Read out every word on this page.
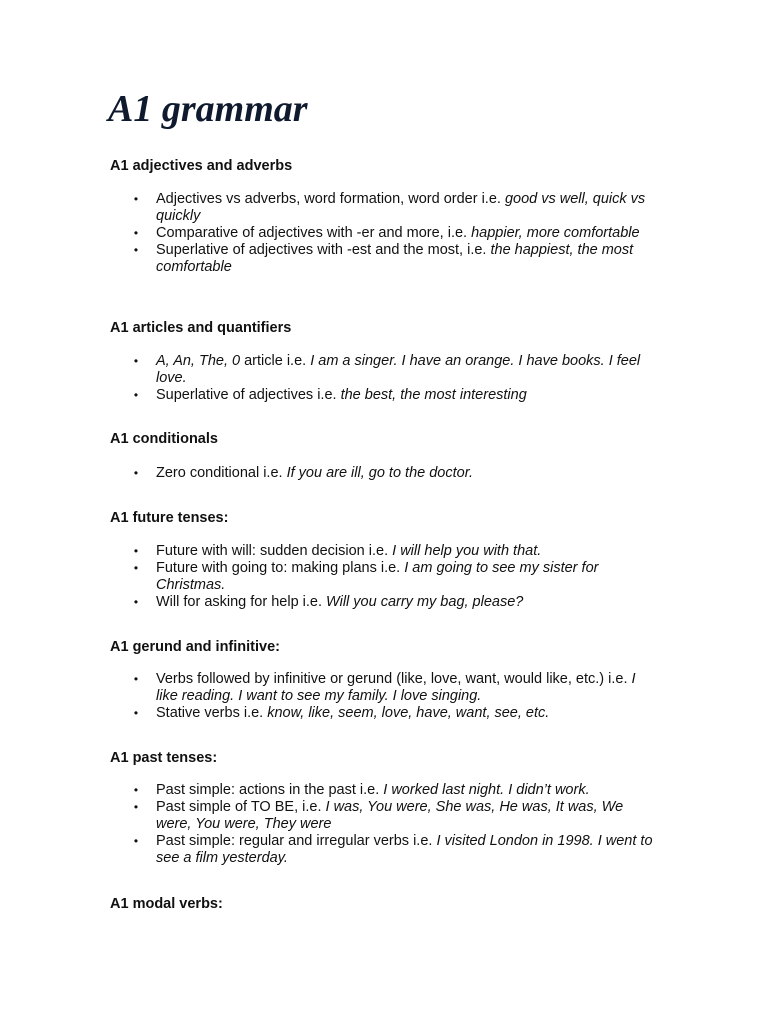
A1 grammar
A1 adjectives and adverbs
• Adjectives vs adverbs, word formation, word order i.e. good vs well, quick vs quickly
• Comparative of adjectives with -er and more, i.e. happier, more comfortable
• Superlative of adjectives with -est and the most, i.e. the happiest, the most comfortable
A1 articles and quantifiers
• A, An, The, 0 article i.e. I am a singer. I have an orange. I have books. I feel love.
• Superlative of adjectives i.e. the best, the most interesting
A1 conditionals
• Zero conditional i.e. If you are ill, go to the doctor.
A1 future tenses:
• Future with will: sudden decision i.e. I will help you with that.
• Future with going to: making plans i.e. I am going to see my sister for Christmas.
• Will for asking for help i.e. Will you carry my bag, please?
A1 gerund and infinitive:
• Verbs followed by infinitive or gerund (like, love, want, would like, etc.) i.e. I like reading. I want to see my family. I love singing.
• Stative verbs i.e. know, like, seem, love, have, want, see, etc.
A1 past tenses:
• Past simple: actions in the past i.e. I worked last night. I didn’t work.
• Past simple of TO BE, i.e. I was, You were, She was, He was, It was, We were, You were, They were
• Past simple: regular and irregular verbs i.e. I visited London in 1998. I went to see a film yesterday.
A1 modal verbs:
